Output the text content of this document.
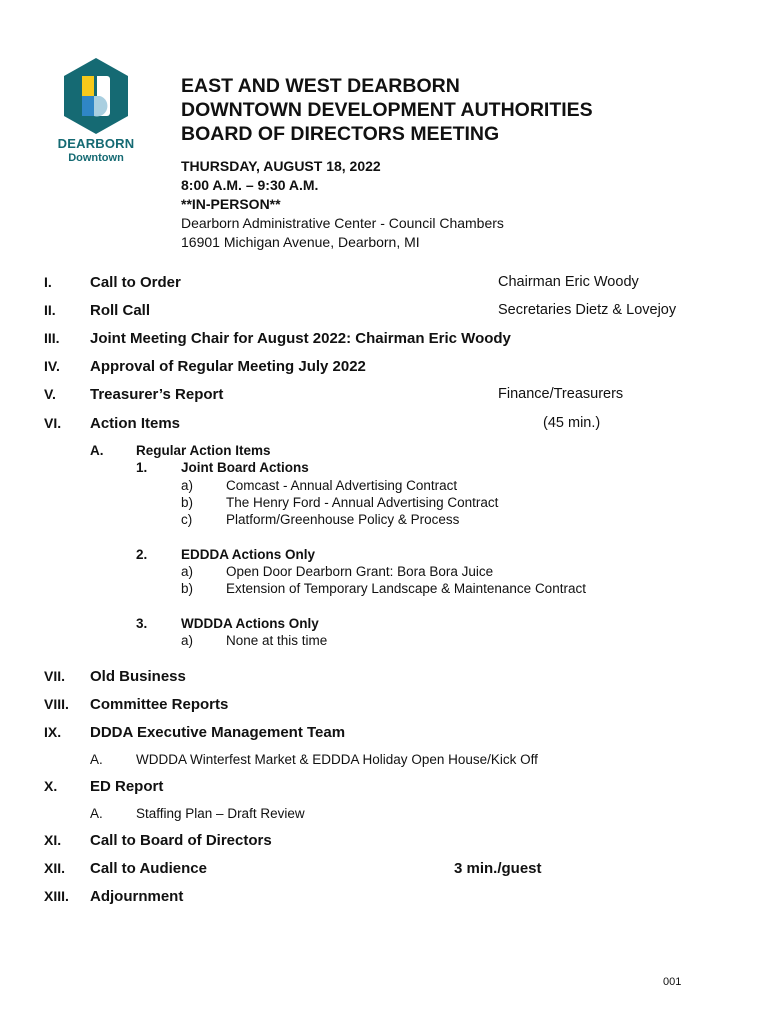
DEARBORN
Downtown
EAST AND WEST DEARBORN
DOWNTOWN DEVELOPMENT AUTHORITIES
BOARD OF DIRECTORS MEETING
THURSDAY, AUGUST 18, 2022
8:00 A.M. – 9:30 A.M.
**IN-PERSON**
Dearborn Administrative Center - Council Chambers
16901 Michigan Avenue, Dearborn, MI
I.	Call to Order	Chairman Eric Woody
II. Roll Call	Secretaries Dietz & Lovejoy
III. Joint Meeting Chair for August 2022: Chairman Eric Woody
IV. Approval of Regular Meeting July 2022
V. Treasurer’s Report	Finance/Treasurers
VI. Action Items	(45 min.)
A. Regular Action Items
1. Joint Board Actions
a) Comcast - Annual Advertising Contract
b) The Henry Ford - Annual Advertising Contract
c)	Platform/Greenhouse Policy & Process
2. EDDDA Actions Only
a) Open Door Dearborn Grant: Bora Bora Juice
b) Extension of Temporary Landscape & Maintenance Contract
3. WDDDA Actions Only
a) None at this time
VII. Old Business
VIII. Committee Reports
IX. DDDA Executive Management Team
A. WDDDA Winterfest Market & EDDDA Holiday Open House/Kick Off
X. ED Report
A. Staffing Plan – Draft Review
XI. Call to Board of Directors
XII. Call to Audience	3 min./guest
XIII. Adjournment
001
